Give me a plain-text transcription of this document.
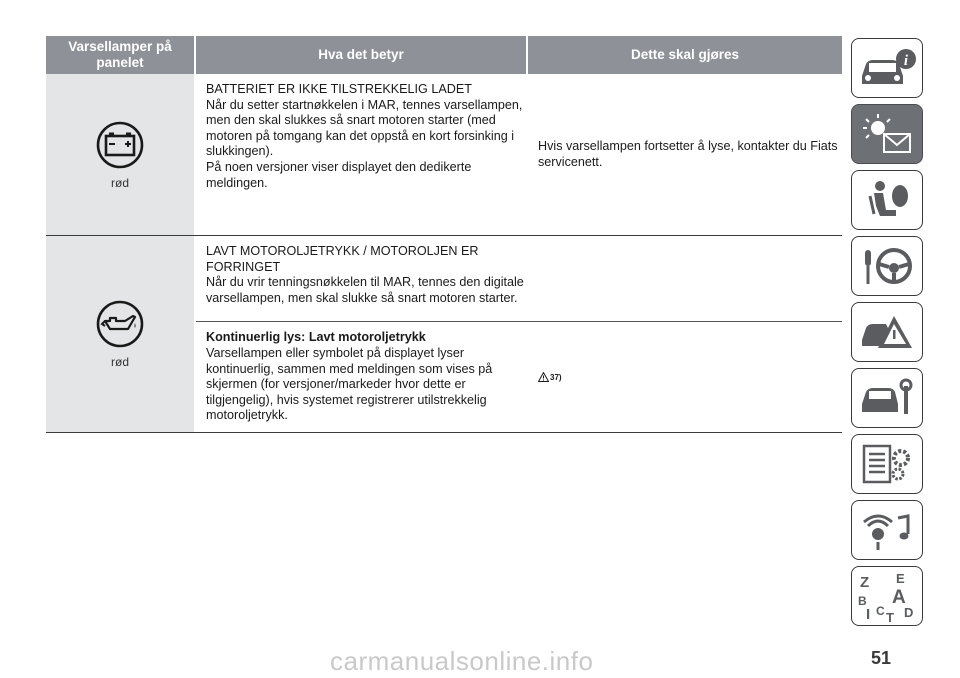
Varsellamper på panelet
Hva det betyr	Dette skal gjøres
rød

BATTERIET ER IKKE TILSTREKKELIG LADET

Når du setter startnøkkelen i MAR, tennes varsellampen, men den skal slukkes så snart motoren starter (med motoren på tomgang kan det oppstå en kort forsinking i slukkingen).

På noen versjoner viser displayet den dedikerte meldingen.

Hvis varsellampen fortsetter å lyse, kontakter du Fiats servicenett.

rød

LAVT MOTOROLJETRYKK / MOTOROLJEN ER FORRINGET

Når du vrir tenningsnøkkelen til MAR, tennes den digitale varsellampen, men skal slukke så snart motoren starter.

Kontinuerlig lys: Lavt motoroljetrykk

Varsellampen eller symbolet på displayet lyser kontinuerlig, sammen med meldingen som vises på skjermen (for versjoner/markeder hvor dette er tilgjengelig), hvis systemet registrerer utilstrekkelig motoroljetrykk.

37)
i
Z E
B A
I C T D
51
carmanualsonline.info
